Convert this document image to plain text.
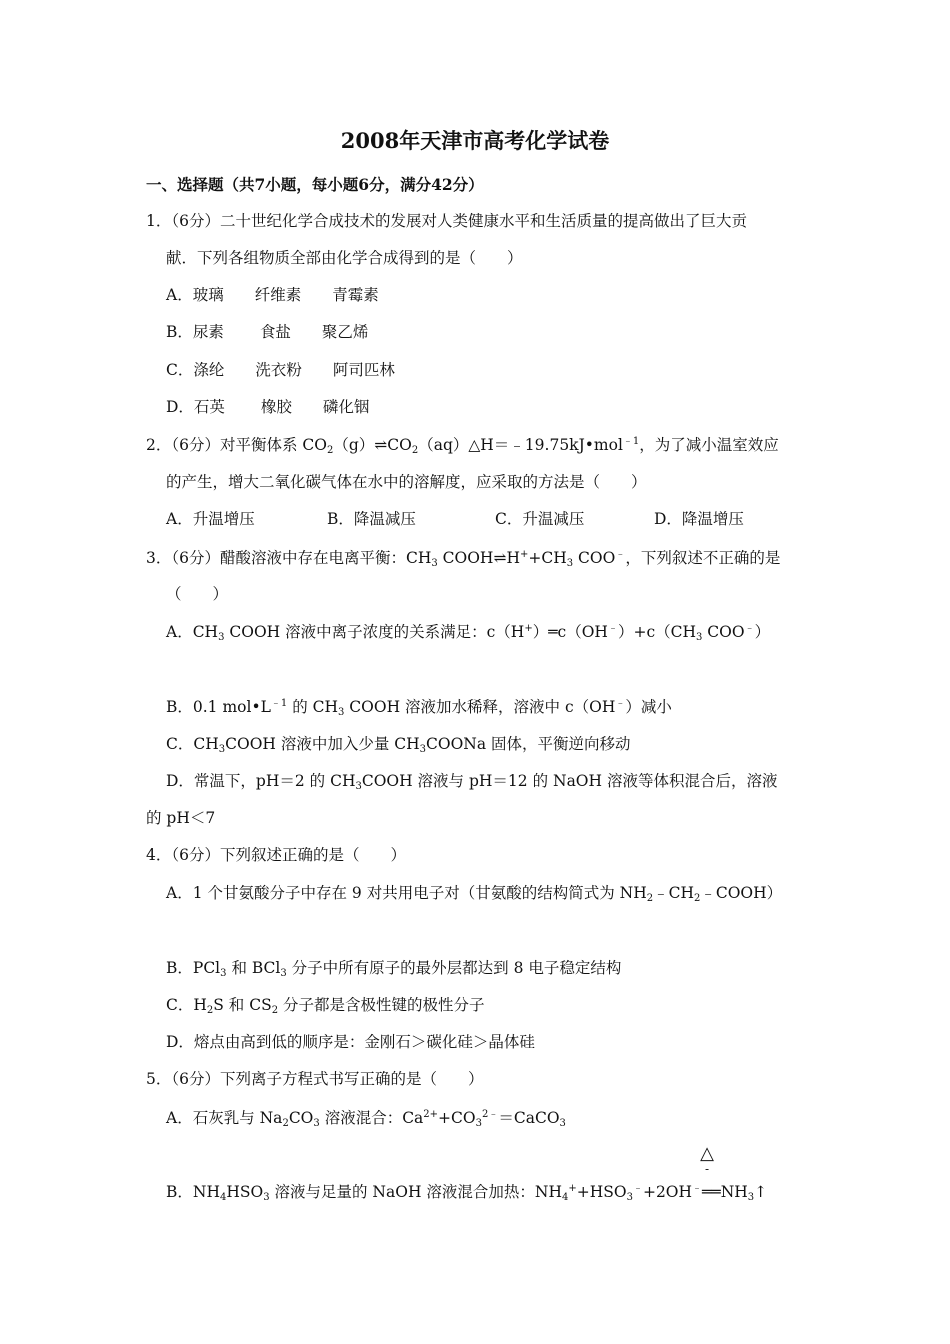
2008年天津市高考化学试卷
一、选择题（共7小题，每小题6分，满分42分）
1．（6分）二十世纪化学合成技术的发展对人类健康水平和生活质量的提高做出了巨大贡
献．下列各组物质全部由化学合成得到的是（　　）
A．玻璃　　纤维素　　青霉素
B．尿素　　 食盐　　聚乙烯
C．涤纶　　洗衣粉　　阿司匹林
D．石英　　 橡胶　　磷化铟
2．（6分）对平衡体系 $CO_2(g)\rightleftharpoons CO_2(aq)\triangle H=﹣19.75kJ•mol^{﹣1}$，为了减小温室效应
的产生，增大二氧化碳气体在水中的溶解度，应采取的方法是（　　）
A．升温增压	B．降温减压	C．升温减压	D．降温增压
3．（6分）醋酸溶液中存在电离平衡：$CH_3$ $COOH\rightleftharpoons H^++CH_3$ COO﹣，下列叙述不正确的是
（　　）
A．$CH_3$ COOH 溶液中离子浓度的关系满足：$c(H^+)═c(OH^﹣)+c(CH_3$ COO﹣）
B．0.1 $mol•L^{﹣1}$ 的 $CH_3$ COOH 溶液加水稀释，溶液中 c（OH﹣）减小
C．$CH_3COOH$ 溶液中加入少量 $CH_3COONa$ 固体，平衡逆向移动
D．常温下，pH＝2 的 $CH_3COOH$ 溶液与 pH＝12 的 NaOH 溶液等体积混合后，溶液
的 pH＜7
4．（6分）下列叙述正确的是（　　）
A．1 个甘氨酸分子中存在 9 对共用电子对（甘氨酸的结构简式为 $NH_2﹣CH_2﹣COOH$）
B．PCl$_3$ 和 BCl$_3$ 分子中所有原子的最外层都达到 8 电子稳定结构
C．$H_2S$ 和 $CS_2$ 分子都是含极性键的极性分子
D．熔点由高到低的顺序是：金刚石＞碳化硅＞晶体硅
5．（6分）下列离子方程式书写正确的是（　　）
A．石灰乳与 $Na_2CO_3$ 溶液混合：$Ca^{2+}+CO_3^{2﹣}=CaCO_3$
△
-
B．$NH_4HSO_3$ 溶液与足量的 NaOH 溶液混合加热：$NH_4^++HSO_3^﹣+2OH^﹣══NH_3↑$
